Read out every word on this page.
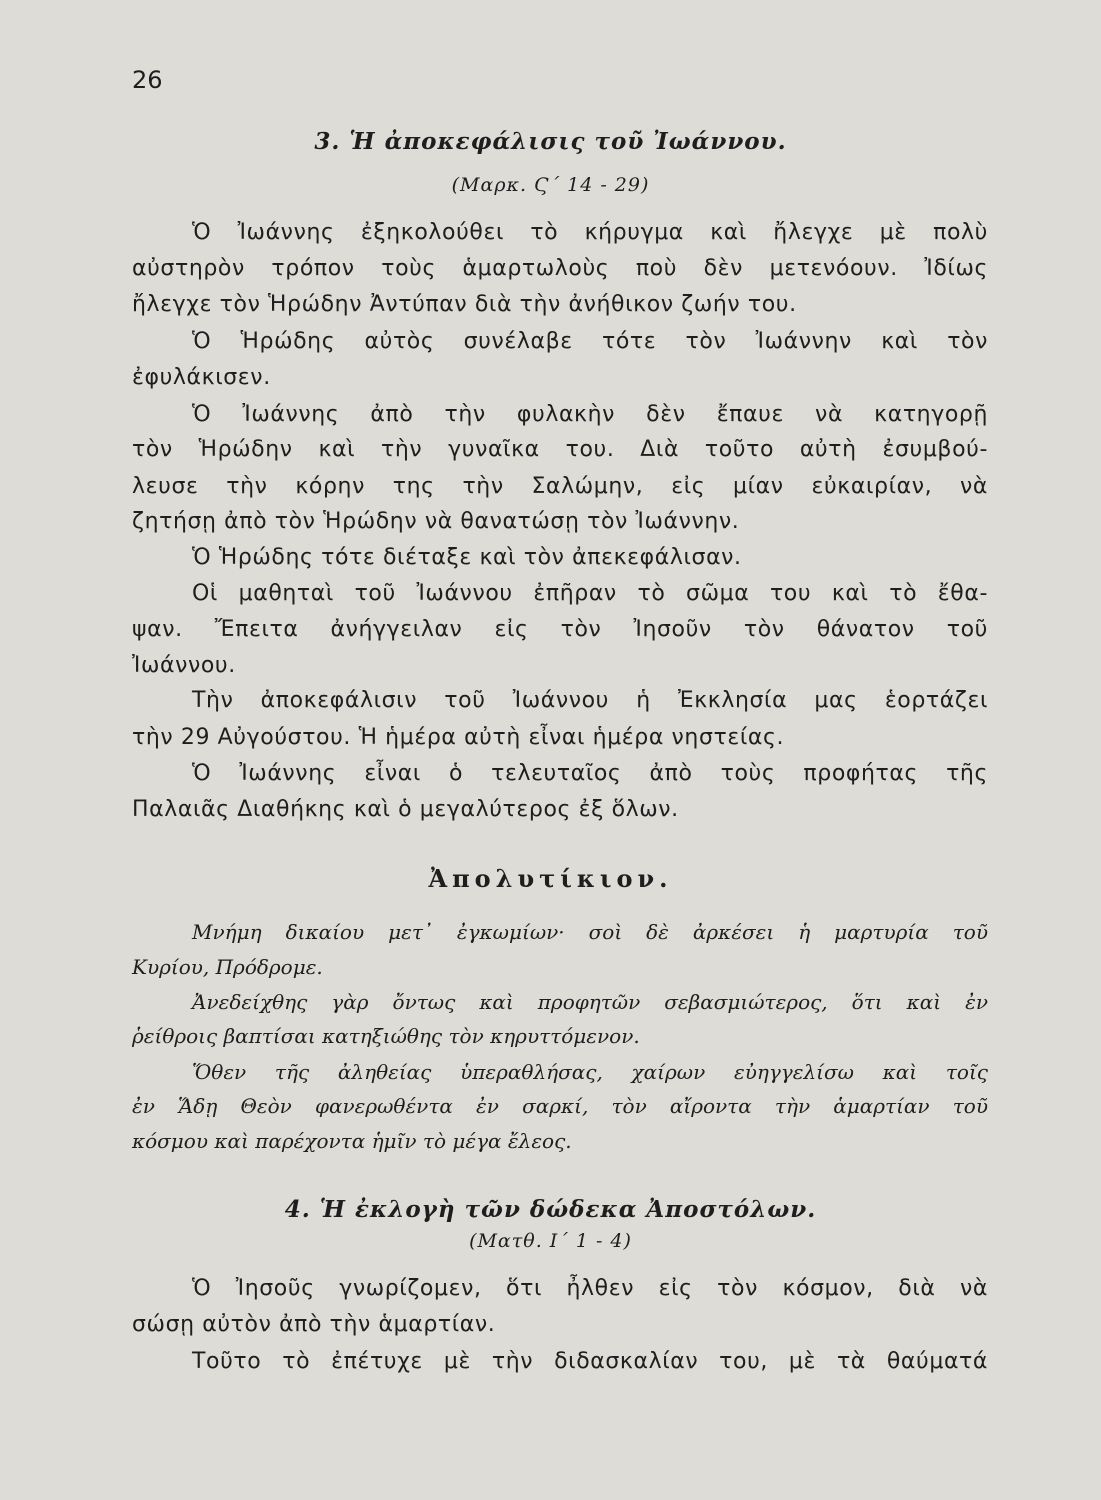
26
3. Ἡ ἀποκεφάλισις τοῦ Ἰωάννου.
(Μαρκ. Ϛ΄ 14 - 29)
Ὁ Ἰωάννης ἐξηκολούθει τὸ κήρυγμα καὶ ἤλεγχε μὲ πολὺ
αὐστηρὸν τρόπον τοὺς ἁμαρτωλοὺς ποὺ δὲν μετενόουν. Ἰδίως
ἤλεγχε τὸν Ἡρώδην Ἀντύπαν διὰ τὴν ἀνήθικον ζωήν του.
Ὁ Ἡρώδης αὐτὸς συνέλαβε τότε τὸν Ἰωάννην καὶ τὸν
ἐφυλάκισεν.
Ὁ Ἰωάννης ἀπὸ τὴν φυλακὴν δὲν ἔπαυε νὰ κατηγορῇ
τὸν Ἡρώδην καὶ τὴν γυναῖκα του. Διὰ τοῦτο αὐτὴ ἐσυμβού-
λευσε τὴν κόρην της τὴν Σαλώμην, εἰς μίαν εὐκαιρίαν, νὰ
ζητήσῃ ἀπὸ τὸν Ἡρώδην νὰ θανατώσῃ τὸν Ἰωάννην.
Ὁ Ἡρώδης τότε διέταξε καὶ τὸν ἀπεκεφάλισαν.
Οἱ μαθηταὶ τοῦ Ἰωάννου ἐπῆραν τὸ σῶμα του καὶ τὸ ἔθα-
ψαν. Ἔπειτα ἀνήγγειλαν εἰς τὸν Ἰησοῦν τὸν θάνατον τοῦ
Ἰωάννου.
Τὴν ἀποκεφάλισιν τοῦ Ἰωάννου ἡ Ἐκκλησία μας ἑορτάζει
τὴν 29 Αὐγούστου. Ἡ ἡμέρα αὐτὴ εἶναι ἡμέρα νηστείας.
Ὁ Ἰωάννης εἶναι ὁ τελευταῖος ἀπὸ τοὺς προφήτας τῆς
Παλαιᾶς Διαθήκης καὶ ὁ μεγαλύτερος ἐξ ὅλων.
Ἀπολυτίκιον.
Μνήμη δικαίου μετ᾿ ἐγκωμίων· σοὶ δὲ ἀρκέσει ἡ μαρτυρία τοῦ
Κυρίου, Πρόδρομε.
Ἀνεδείχθης γὰρ ὄντως καὶ προφητῶν σεβασμιώτερος, ὅτι καὶ ἐν
ῥείθροις βαπτίσαι κατηξιώθης τὸν κηρυττόμενον.
Ὅθεν τῆς ἀληθείας ὑπεραθλήσας, χαίρων εὐηγγελίσω καὶ τοῖς
ἐν Ἅδῃ Θεὸν φανερωθέντα ἐν σαρκί, τὸν αἴροντα τὴν ἁμαρτίαν τοῦ
κόσμου καὶ παρέχοντα ἡμῖν τὸ μέγα ἔλεος.
4. Ἡ ἐκλογὴ τῶν δώδεκα Ἀποστόλων.
(Ματθ. Ι΄ 1 - 4)
Ὁ Ἰησοῦς γνωρίζομεν, ὅτι ἦλθεν εἰς τὸν κόσμον, διὰ νὰ
σώσῃ αὐτὸν ἀπὸ τὴν ἁμαρτίαν.
Τοῦτο τὸ ἐπέτυχε μὲ τὴν διδασκαλίαν του, μὲ τὰ θαύματά
